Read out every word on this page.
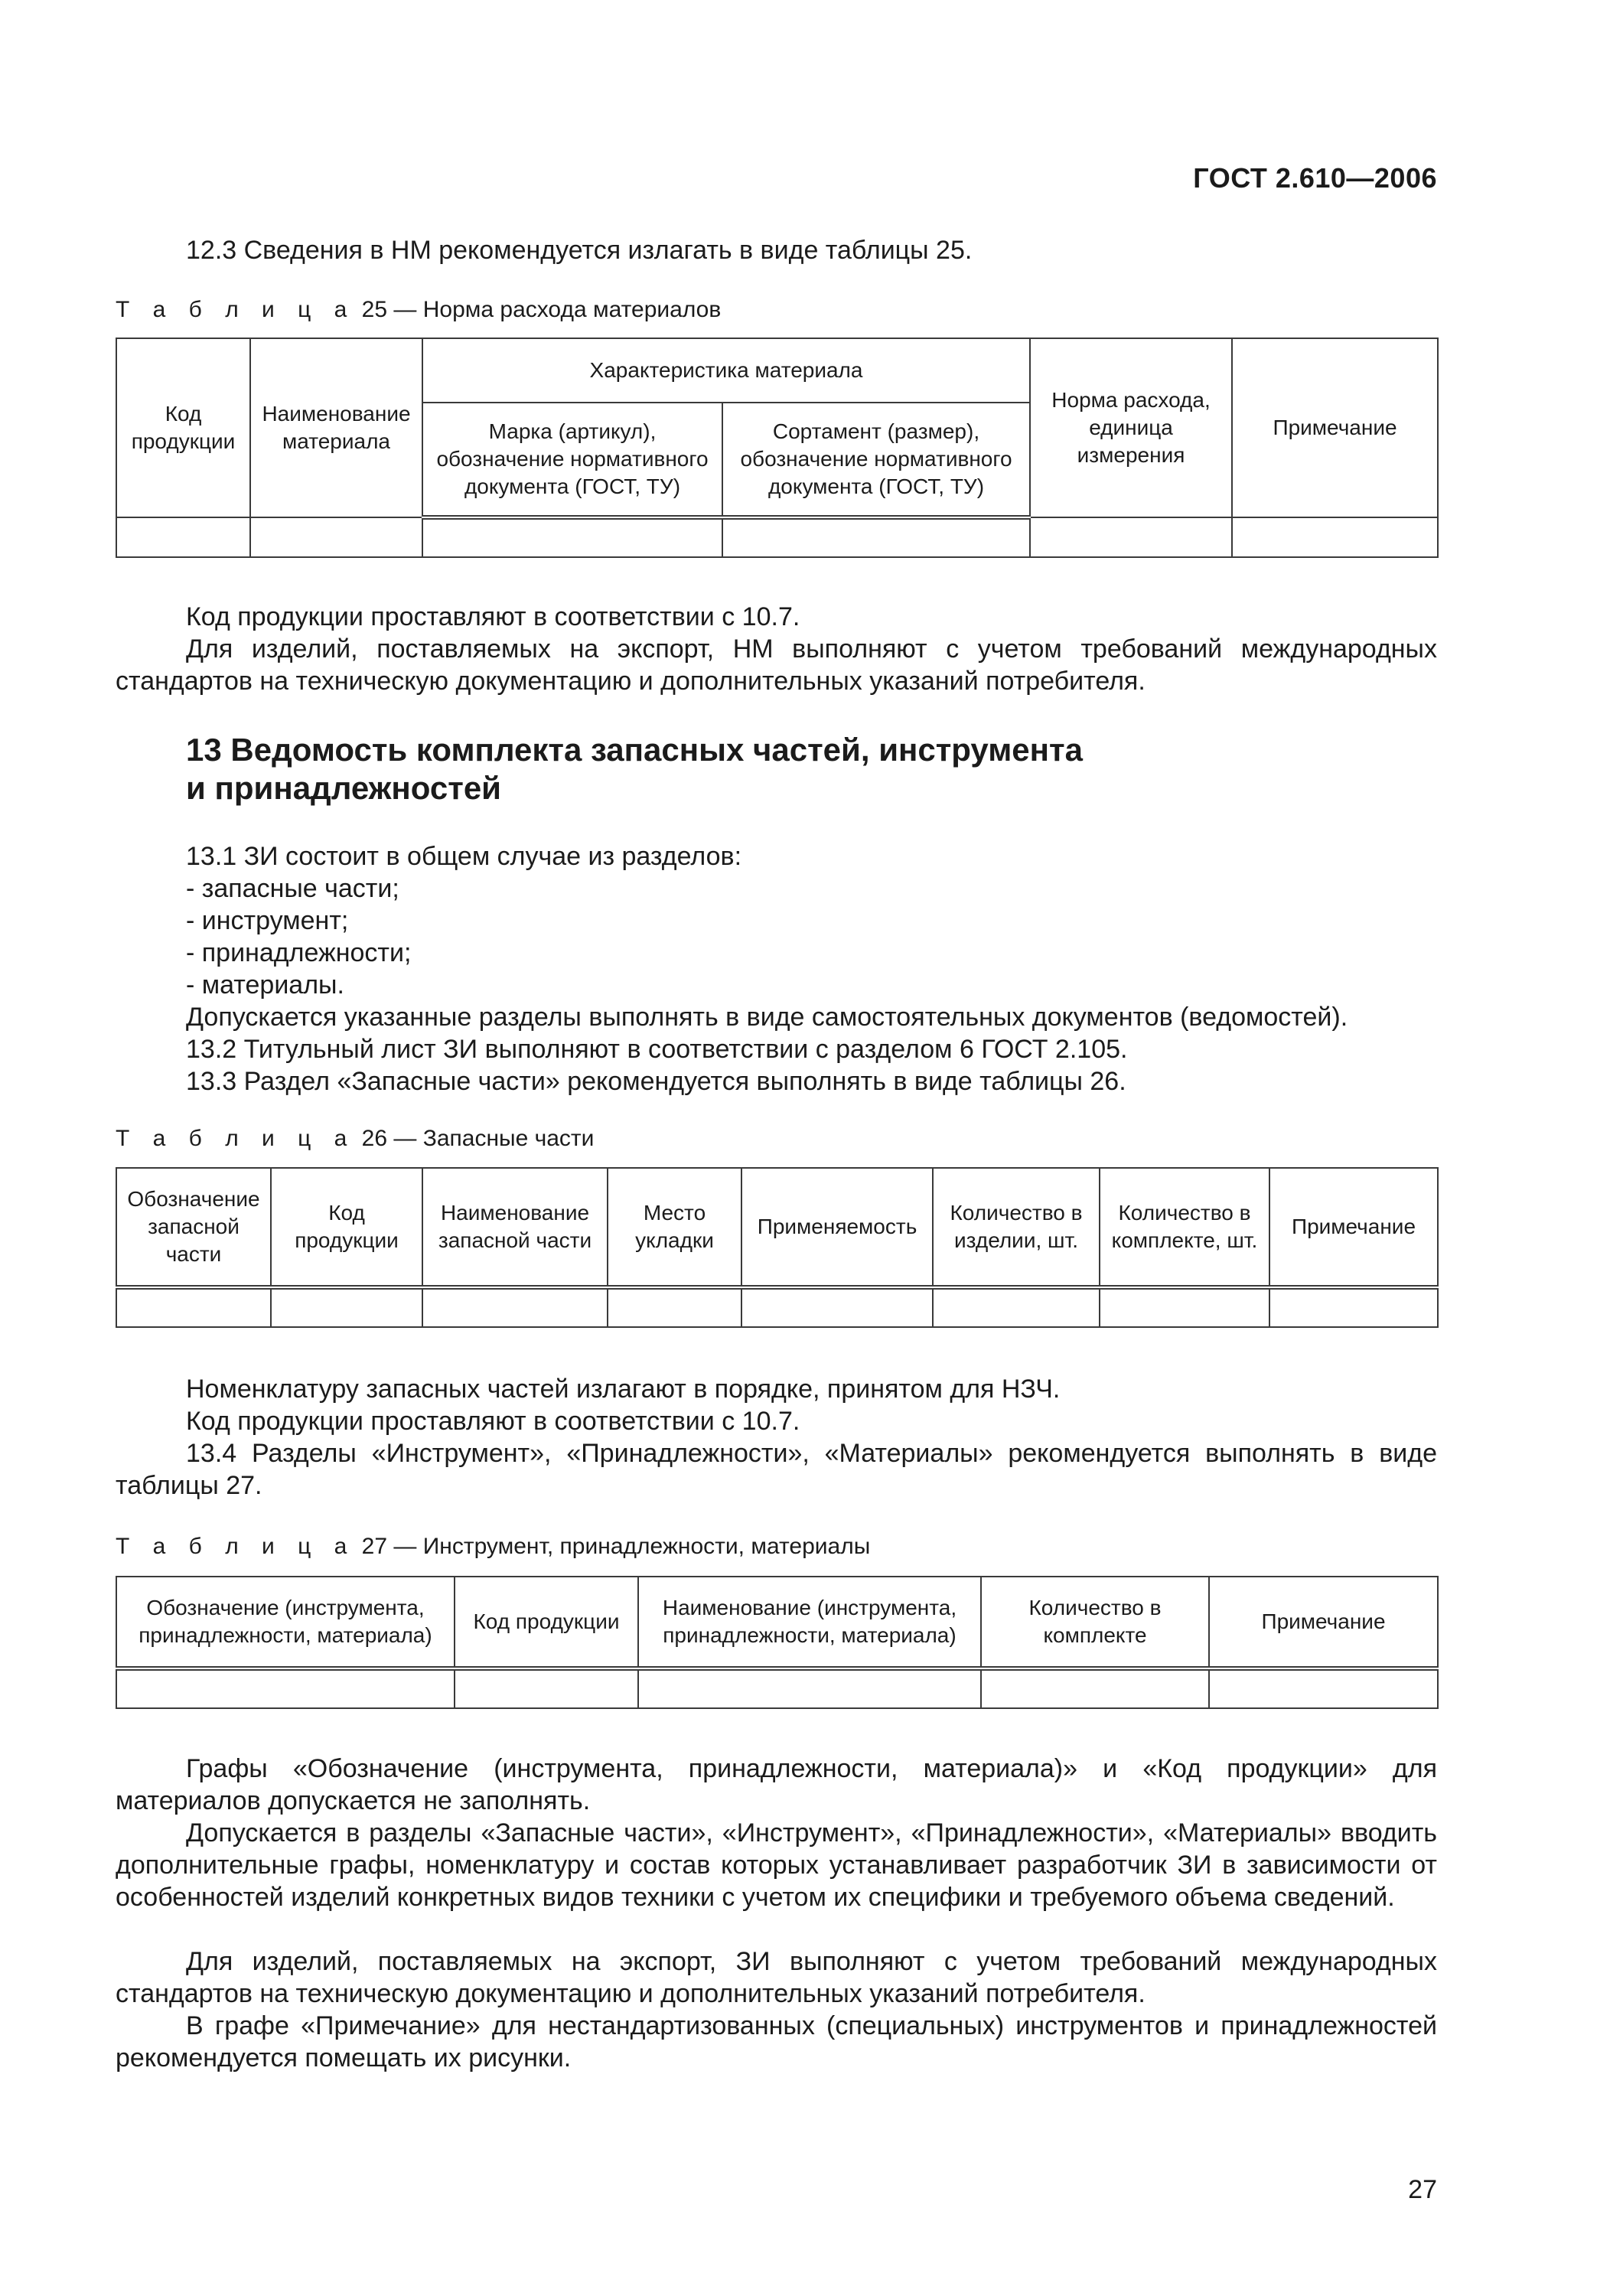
ГОСТ 2.610—2006
12.3 Сведения в НМ рекомендуется излагать в виде таблицы 25.
Т а б л и ц а 25 — Норма расхода материалов
Код продукции	Наименование материала	Характеристика материала		Норма расхода, единица измерения	Примечание
		Марка (артикул), обозначение нормативного документа (ГОСТ, ТУ)	Сортамент (размер), обозначение нормативного документа (ГОСТ, ТУ)		

Код продукции проставляют в соответствии с 10.7.
Для изделий, поставляемых на экспорт, НМ выполняют с учетом требований международных стандартов на техническую документацию и дополнительных указаний потребителя.
13 Ведомость комплекта запасных частей, инструмента
и принадлежностей
13.1 ЗИ состоит в общем случае из разделов:
- запасные части;
- инструмент;
- принадлежности;
- материалы.
Допускается указанные разделы выполнять в виде самостоятельных документов (ведомостей).
13.2 Титульный лист ЗИ выполняют в соответствии с разделом 6 ГОСТ 2.105.
13.3 Раздел «Запасные части» рекомендуется выполнять в виде таблицы 26.
Т а б л и ц а 26 — Запасные части
Обозначение запасной части	Код продукции	Наименование запасной части	Место укладки	Применяемость	Количество в изделии, шт.	Количество в комплекте, шт.	Примечание

Номенклатуру запасных частей излагают в порядке, принятом для НЗЧ.
Код продукции проставляют в соответствии с 10.7.
13.4 Разделы «Инструмент», «Принадлежности», «Материалы» рекомендуется выполнять в виде таблицы 27.
Т а б л и ц а 27 — Инструмент, принадлежности, материалы
Обозначение (инструмента, принадлежности, материала)	Код продукции	Наименование (инструмента, принадлежности, материала)	Количество в комплекте	Примечание

Графы «Обозначение (инструмента, принадлежности, материала)» и «Код продукции» для материалов допускается не заполнять.
Допускается в разделы «Запасные части», «Инструмент», «Принадлежности», «Материалы» вводить дополнительные графы, номенклатуру и состав которых устанавливает разработчик ЗИ в зависимости от особенностей изделий конкретных видов техники с учетом их специфики и требуемого объема сведений.
Для изделий, поставляемых на экспорт, ЗИ выполняют с учетом требований международных стандартов на техническую документацию и дополнительных указаний потребителя.
В графе «Примечание» для нестандартизованных (специальных) инструментов и принадлежностей рекомендуется помещать их рисунки.
27
